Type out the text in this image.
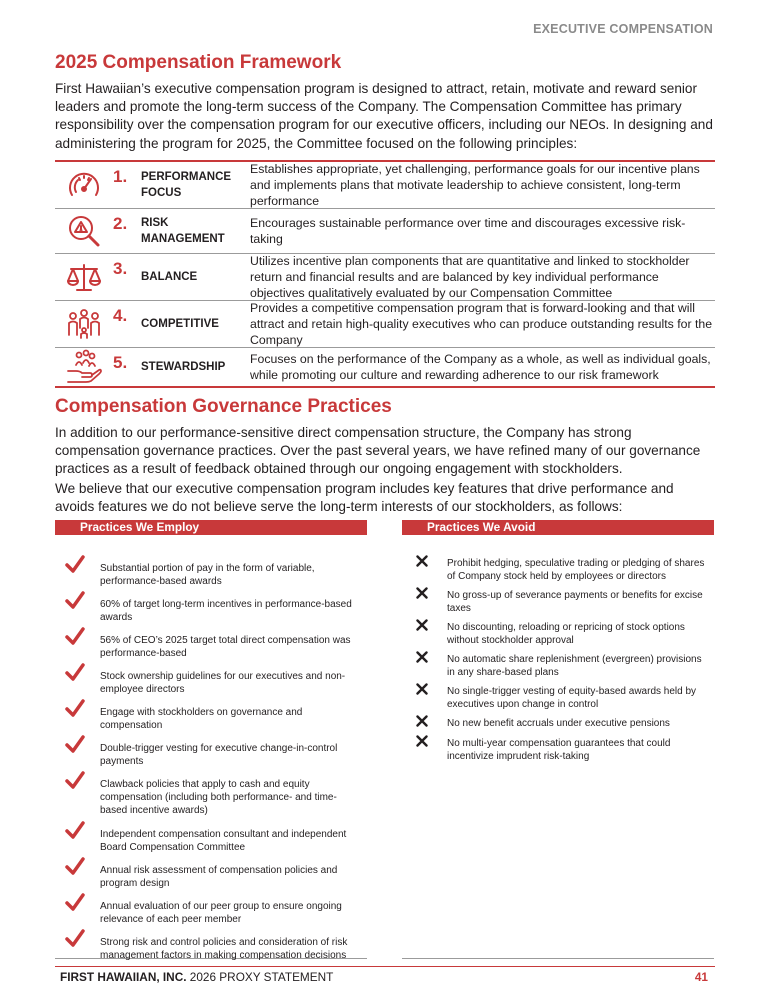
EXECUTIVE COMPENSATION
2025 Compensation Framework
First Hawaiian’s executive compensation program is designed to attract, retain, motivate and reward senior leaders and promote the long-term success of the Company. The Compensation Committee has primary responsibility over the compensation program for our executive officers, including our NEOs. In designing and administering the program for 2025, the Committee focused on the following principles:
1.	PERFORMANCE FOCUS
Establishes appropriate, yet challenging, performance goals for our incentive plans and implements plans that motivate leadership to achieve consistent, long-term performance
2.	RISK MANAGEMENT
Encourages sustainable performance over time and discourages excessive risk-taking
3.	BALANCE
Utilizes incentive plan components that are quantitative and linked to stockholder return and financial results and are balanced by key individual performance objectives qualitatively evaluated by our Compensation Committee
4.	COMPETITIVE
Provides a competitive compensation program that is forward-looking and that will attract and retain high-quality executives who can produce outstanding results for the Company
5.	STEWARDSHIP
Focuses on the performance of the Company as a whole, as well as individual goals, while promoting our culture and rewarding adherence to our risk framework
Compensation Governance Practices
In addition to our performance-sensitive direct compensation structure, the Company has strong compensation governance practices. Over the past several years, we have refined many of our governance practices as a result of feedback obtained through our ongoing engagement with stockholders.
We believe that our executive compensation program includes key features that drive performance and avoids features we do not believe serve the long-term interests of our stockholders, as follows:
Practices We Employ
Substantial portion of pay in the form of variable, performance-based awards
60% of target long-term incentives in performance-based awards
56% of CEO’s 2025 target total direct compensation was performance-based
Stock ownership guidelines for our executives and non-employee directors
Engage with stockholders on governance and compensation
Double-trigger vesting for executive change-in-control payments
Clawback policies that apply to cash and equity compensation (including both performance- and time-based incentive awards)
Independent compensation consultant and independent Board Compensation Committee
Annual risk assessment of compensation policies and program design
Annual evaluation of our peer group to ensure ongoing relevance of each peer member
Strong risk and control policies and consideration of risk management factors in making compensation decisions
Practices We Avoid
Prohibit hedging, speculative trading or pledging of shares of Company stock held by employees or directors
No gross-up of severance payments or benefits for excise taxes
No discounting, reloading or repricing of stock options without stockholder approval
No automatic share replenishment (evergreen) provisions in any share-based plans
No single-trigger vesting of equity-based awards held by executives upon change in control
No new benefit accruals under executive pensions
No multi-year compensation guarantees that could incentivize imprudent risk-taking
FIRST HAWAIIAN, INC. 2026 PROXY STATEMENT	41
